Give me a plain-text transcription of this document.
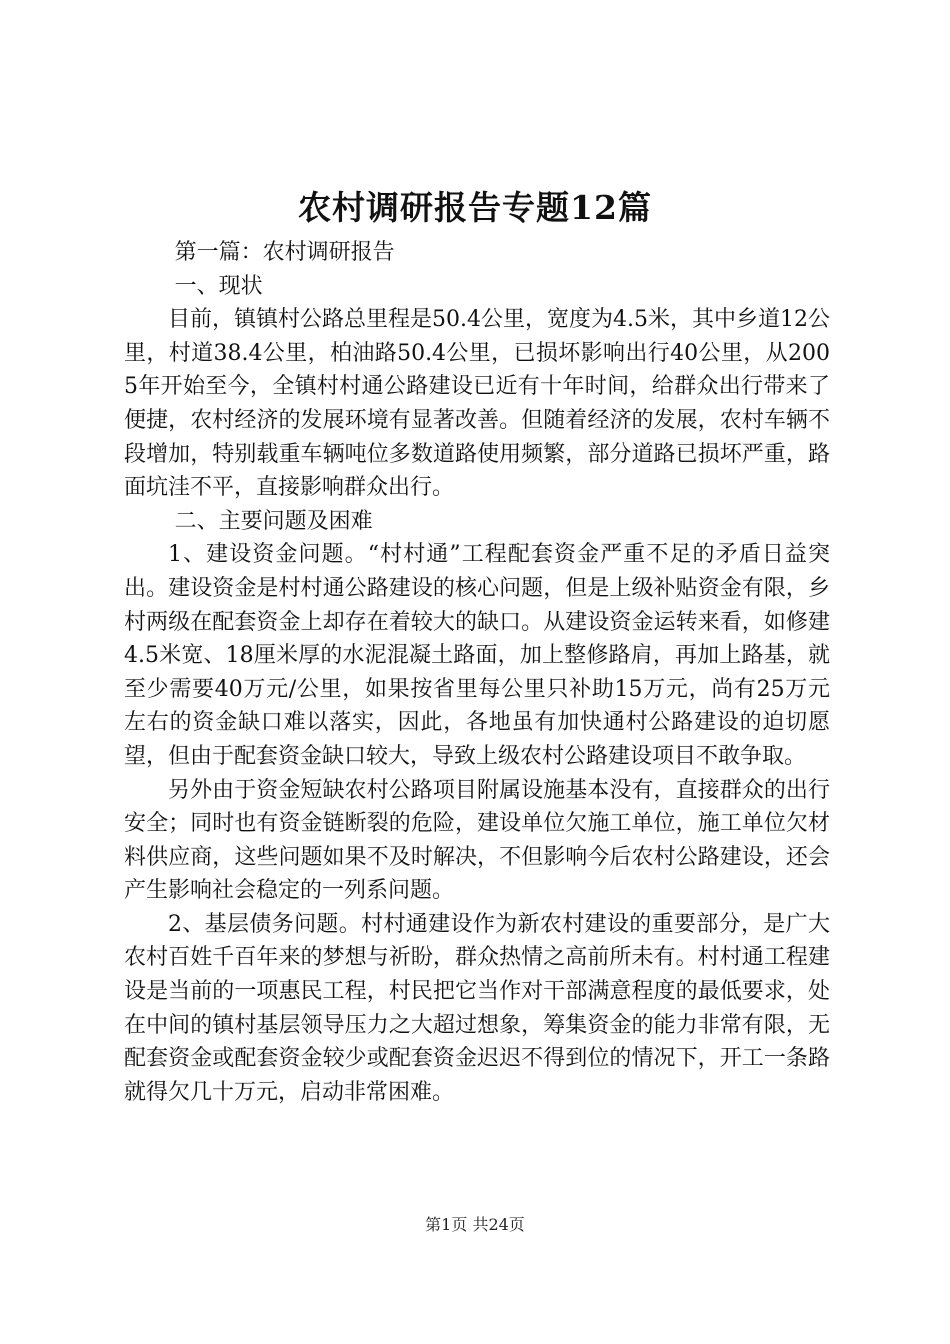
农村调研报告专题12篇

第一篇：农村调研报告

一、现状

目前，镇镇村公路总里程是50.4公里，宽度为4.5米，其中乡道12公里，村道38.4公里，柏油路50.4公里，已损坏影响出行40公里，从2005年开始至今，全镇村村通公路建设已近有十年时间，给群众出行带来了便捷，农村经济的发展环境有显著改善。但随着经济的发展，农村车辆不段增加，特别载重车辆吨位多数道路使用频繁，部分道路已损坏严重，路面坑洼不平，直接影响群众出行。

二、主要问题及困难

1、建设资金问题。“村村通”工程配套资金严重不足的矛盾日益突出。建设资金是村村通公路建设的核心问题，但是上级补贴资金有限，乡村两级在配套资金上却存在着较大的缺口。从建设资金运转来看，如修建4.5米宽、18厘米厚的水泥混凝土路面，加上整修路肩，再加上路基，就至少需要40万元/公里，如果按省里每公里只补助15万元，尚有25万元左右的资金缺口难以落实，因此，各地虽有加快通村公路建设的迫切愿望，但由于配套资金缺口较大，导致上级农村公路建设项目不敢争取。

另外由于资金短缺农村公路项目附属设施基本没有，直接群众的出行安全；同时也有资金链断裂的危险，建设单位欠施工单位，施工单位欠材料供应商，这些问题如果不及时解决，不但影响今后农村公路建设，还会产生影响社会稳定的一列系问题。

2、基层债务问题。村村通建设作为新农村建设的重要部分，是广大农村百姓千百年来的梦想与祈盼，群众热情之高前所未有。村村通工程建设是当前的一项惠民工程，村民把它当作对干部满意程度的最低要求，处在中间的镇村基层领导压力之大超过想象，筹集资金的能力非常有限，无配套资金或配套资金较少或配套资金迟迟不得到位的情况下，开工一条路就得欠几十万元，启动非常困难。

第1页 共24页
